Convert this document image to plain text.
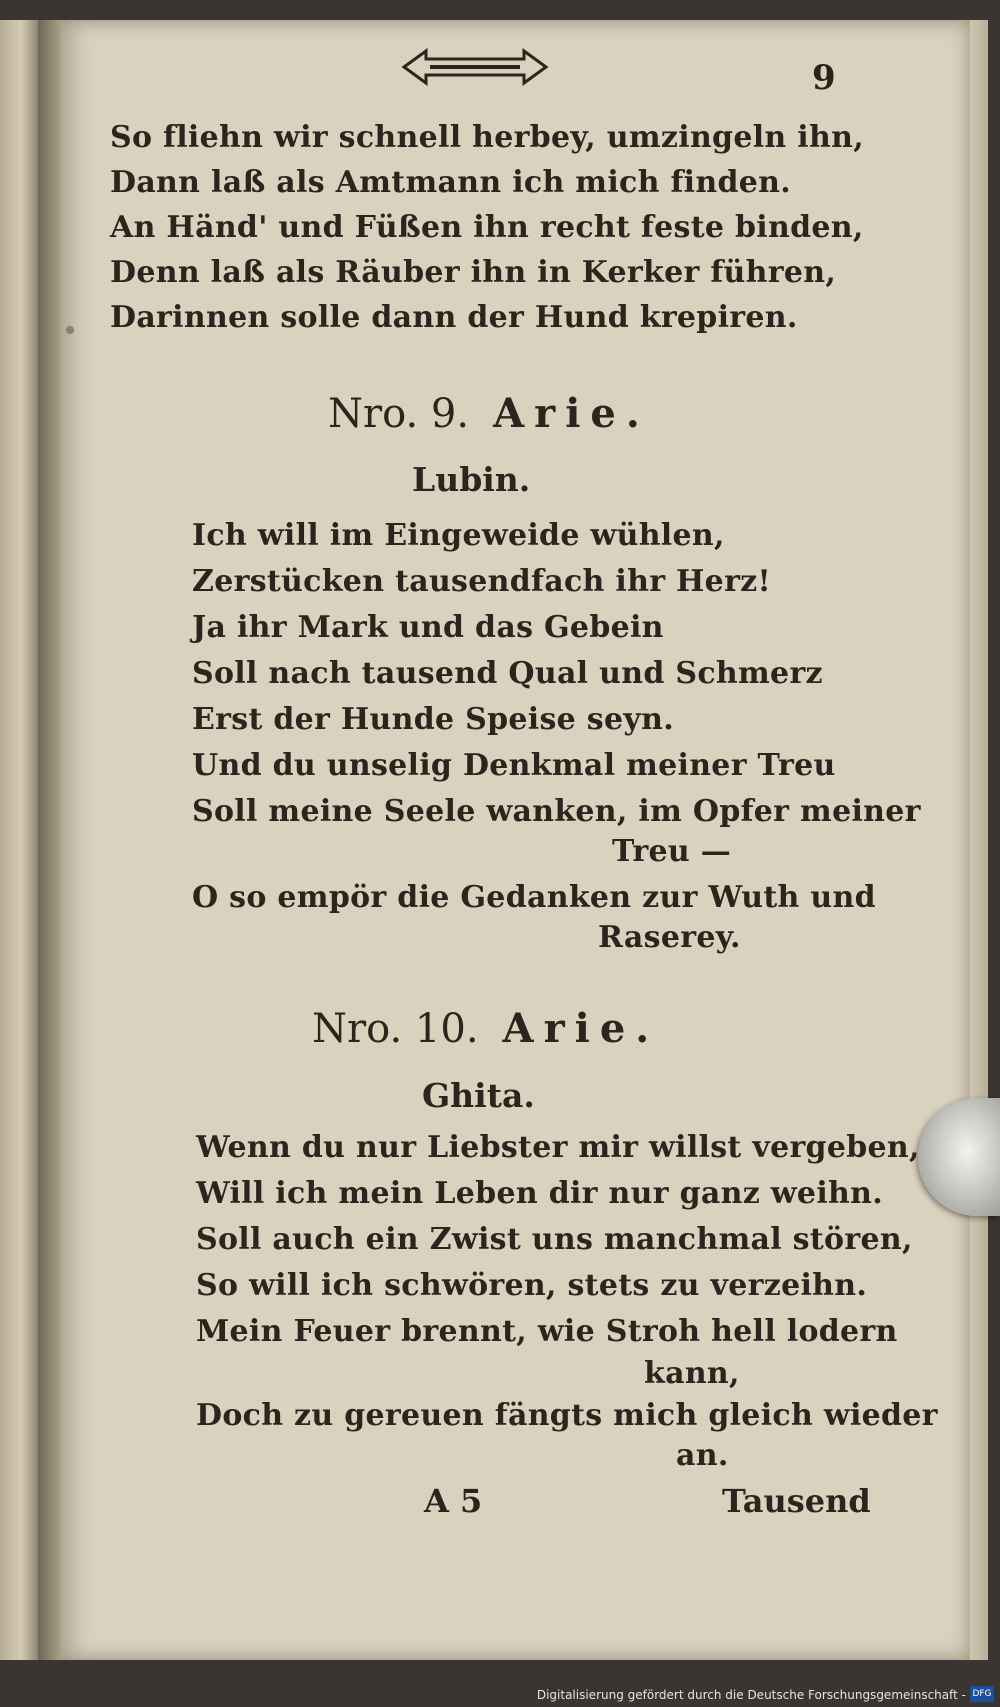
9
So fliehn wir schnell herbey, umzingeln ihn,
Dann laß als Amtmann ich mich finden.
An Händ' und Füßen ihn recht feste binden,
Denn laß als Räuber ihn in Kerker führen,
Darinnen solle dann der Hund krepiren.
Nro. 9. Arie.
Lubin.
Ich will im Eingeweide wühlen,
Zerstücken tausendfach ihr Herz!
Ja ihr Mark und das Gebein
Soll nach tausend Qual und Schmerz
Erst der Hunde Speise seyn.
Und du unselig Denkmal meiner Treu
Soll meine Seele wanken, im Opfer meiner
Treu —
O so empör die Gedanken zur Wuth und
Raserey.
Nro. 10. Arie.
Ghita.
Wenn du nur Liebster mir willst vergeben,
Will ich mein Leben dir nur ganz weihn.
Soll auch ein Zwist uns manchmal stören,
So will ich schwören, stets zu verzeihn.
Mein Feuer brennt, wie Stroh hell lodern
kann,
Doch zu gereuen fängts mich gleich wieder
an.
A 5	Tausend
Digitalisierung gefördert durch die Deutsche Forschungsgemeinschaft - DFG
